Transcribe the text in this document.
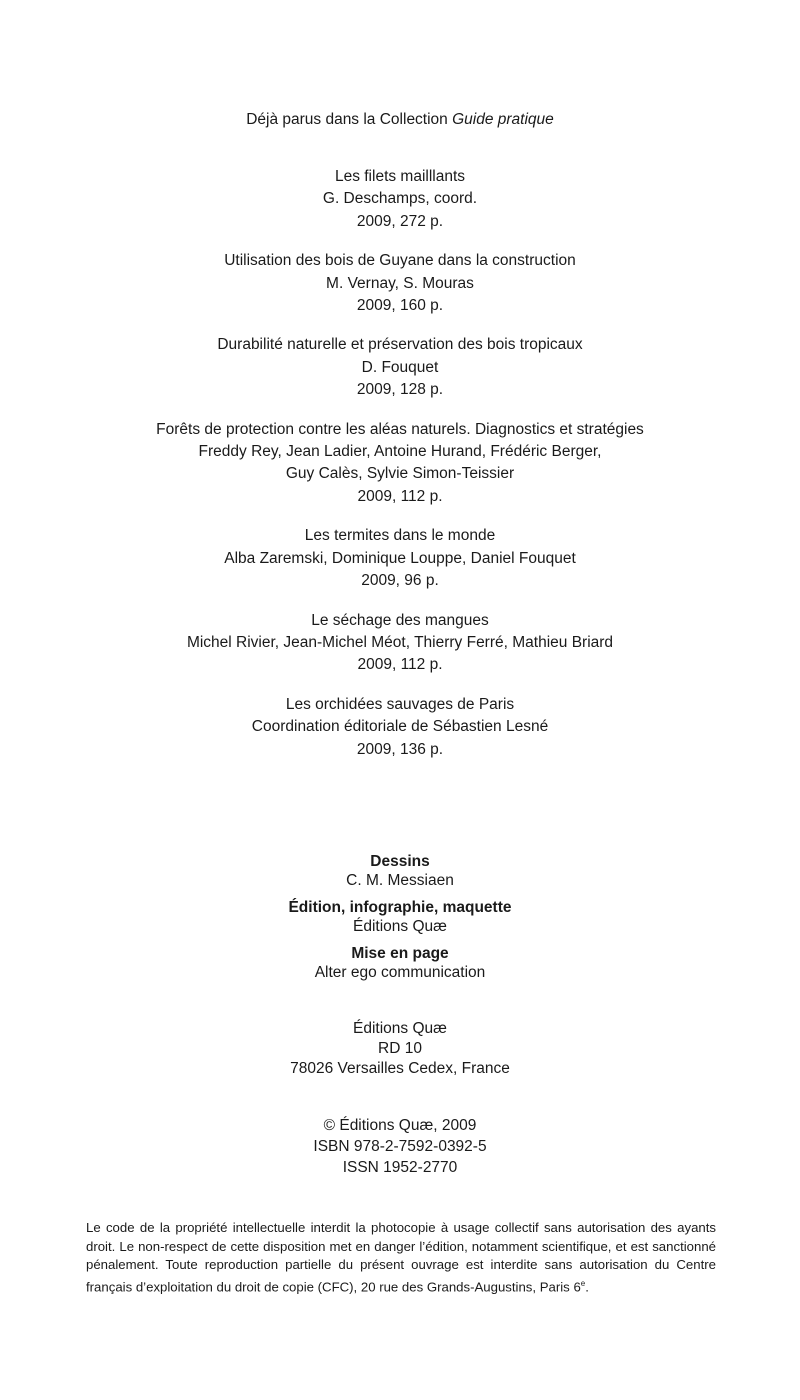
Déjà parus dans la Collection Guide pratique
Les filets mailllants
G. Deschamps, coord.
2009, 272 p.
Utilisation des bois de Guyane dans la construction
M. Vernay, S. Mouras
2009, 160 p.
Durabilité naturelle et préservation des bois tropicaux
D. Fouquet
2009, 128 p.
Forêts de protection contre les aléas naturels. Diagnostics et stratégies
Freddy Rey, Jean Ladier, Antoine Hurand, Frédéric Berger,
Guy Calès, Sylvie Simon-Teissier
2009, 112 p.
Les termites dans le monde
Alba Zaremski, Dominique Louppe, Daniel Fouquet
2009, 96 p.
Le séchage des mangues
Michel Rivier, Jean-Michel Méot, Thierry Ferré, Mathieu Briard
2009, 112 p.
Les orchidées sauvages de Paris
Coordination éditoriale de Sébastien Lesné
2009, 136 p.
Dessins
C. M. Messiaen
Édition, infographie, maquette
Éditions Quæ
Mise en page
Alter ego communication
Éditions Quæ
RD 10
78026 Versailles Cedex, France
© Éditions Quæ, 2009
ISBN 978-2-7592-0392-5
ISSN 1952-2770
Le code de la propriété intellectuelle interdit la photocopie à usage collectif sans autorisation des ayants droit. Le non-respect de cette disposition met en danger l’édition, notamment scientifique, et est sanctionné pénalement. Toute reproduction partielle du présent ouvrage est interdite sans autorisation du Centre français d’exploitation du droit de copie (CFC), 20 rue des Grands-Augustins, Paris 6e.
